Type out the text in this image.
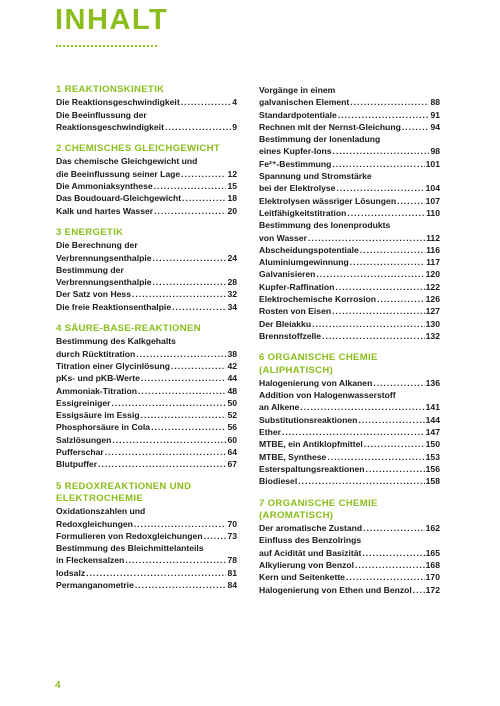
INHALT
1 REAKTIONSKINETIK
Die Reaktionsgeschwindigkeit .....	4
Die Beeinflussung der
Reaktionsgeschwindigkeit .....	9
2 CHEMISCHES GLEICHGEWICHT
Das chemische Gleichgewicht und
die Beeinflussung seiner Lage .....	12
Die Ammoniaksynthese .....	15
Das Boudouard-Gleichgewicht .....	18
Kalk und hartes Wasser .....	20
3 ENERGETIK
Die Berechnung der
Verbrennungsenthalpie .....	24
Bestimmung der
Verbrennungsenthalpie .....	28
Der Satz von Hess .....	32
Die freie Reaktionsenthalpie .....	34
4 SÄURE-BASE-REAKTIONEN
Bestimmung des Kalkgehalts
durch Rücktitration .....	38
Titration einer Glycinlösung .....	42
pKs- und pKB-Werte .....	44
Ammoniak-Titration .....	48
Essigreiniger .....	50
Essigsäure im Essig .....	52
Phosphorsäure in Cola .....	56
Salzlösungen .....	60
Pufferschar .....	64
Blutpuffer .....	67
5 REDOXREAKTIONEN UND ELEKTROCHEMIE
Oxidationszahlen und
Redoxgleichungen .....	70
Formulieren von Redoxgleichungen .....	73
Bestimmung des Bleichmittelanteils
in Fleckensalzen .....	78
Iodsalz .....	81
Permanganometrie .....	84
Vorgänge in einem
galvanischen Element .....	88
Standardpotentiale .....	91
Rechnen mit der Nernst-Gleichung .....	94
Bestimmung der Ionenladung
eines Kupfer-Ions .....	98
Fe²⁺-Bestimmung .....	101
Spannung und Stromstärke
bei der Elektrolyse .....	104
Elektrolysen wässriger Lösungen .....	107
Leitfähigkeitstitration .....	110
Bestimmung des Ionenprodukts
von Wasser .....	112
Abscheidungspotentiale .....	116
Aluminiumgewinnung .....	117
Galvanisieren .....	120
Kupfer-Raffination .....	122
Elektrochemische Korrosion .....	126
Rosten von Eisen .....	127
Der Bleiakku .....	130
Brennstoffzelle .....	132
6 ORGANISCHE CHEMIE (ALIPHATISCH)
Halogenierung von Alkanen .....	136
Addition von Halogenwasserstoff
an Alkene .....	141
Substitutionsreaktionen .....	144
Ether .....	147
MTBE, ein Antiklopfmittel .....	150
MTBE, Synthese .....	153
Esterspaltungsreaktionen .....	156
Biodiesel .....	158
7 ORGANISCHE CHEMIE (AROMATISCH)
Der aromatische Zustand .....	162
Einfluss des Benzolrings
auf Acidität und Basizität .....	165
Alkylierung von Benzol .....	168
Kern und Seitenkette .....	170
Halogenierung von Ethen und Benzol ..... 172
4
